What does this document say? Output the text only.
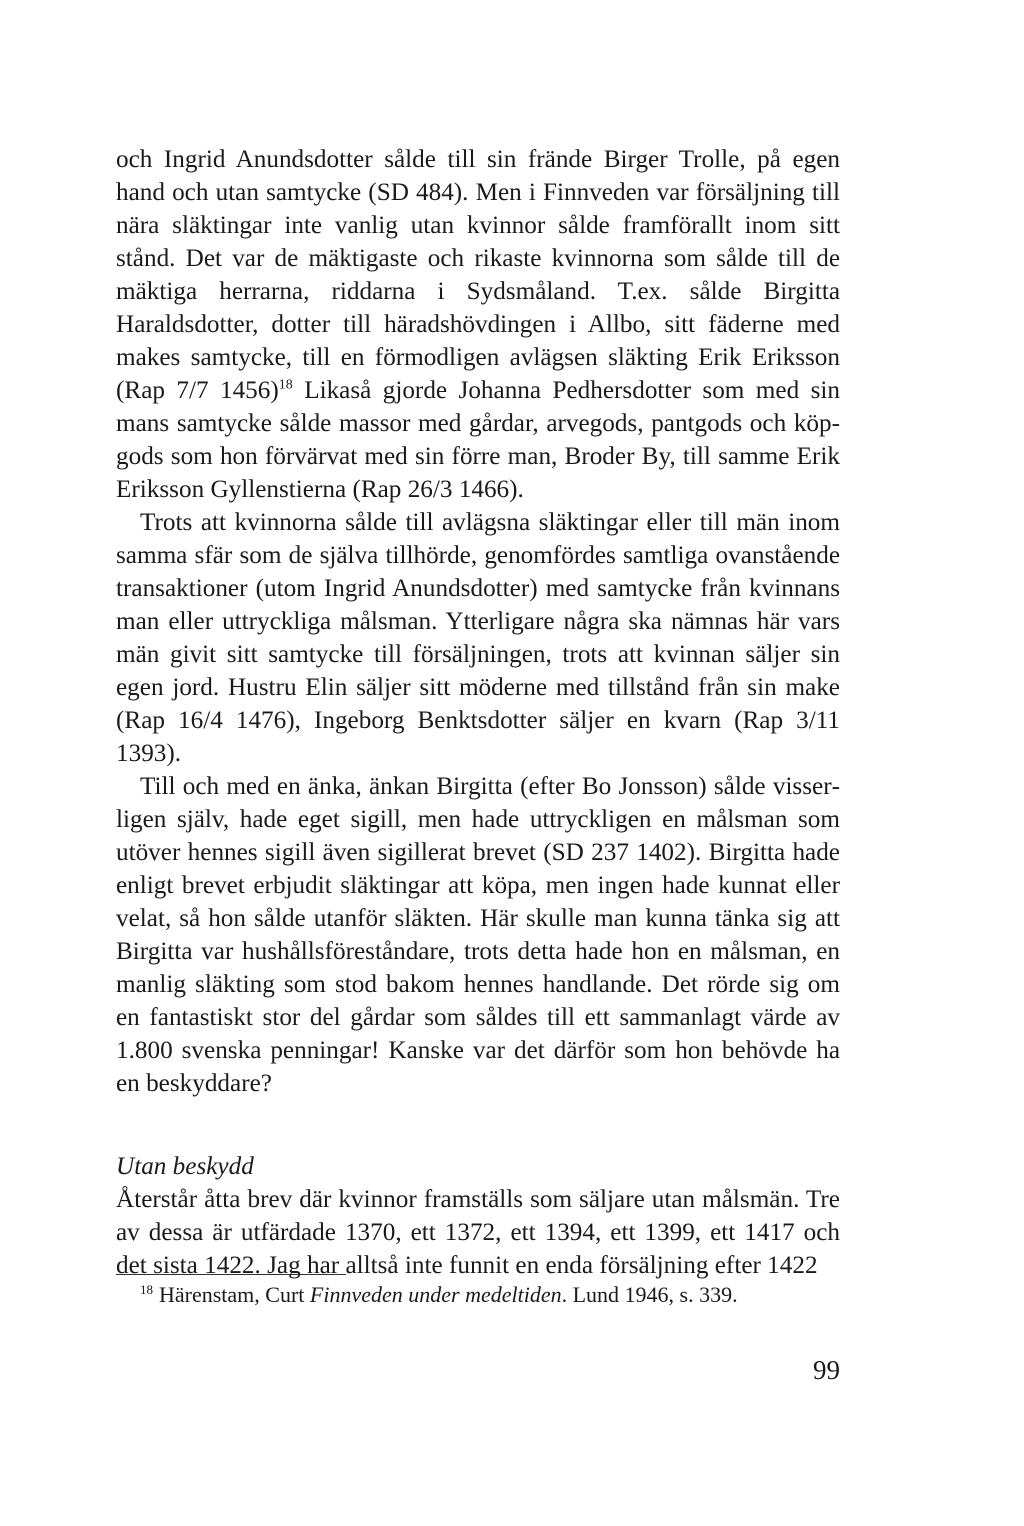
och Ingrid Anundsdotter sålde till sin frände Birger Trolle, på egen hand och utan samtycke (SD 484). Men i Finnveden var försäljning till nära släktingar inte vanlig utan kvinnor sålde framförallt inom sitt stånd. Det var de mäktigaste och rikaste kvinnorna som sålde till de mäktiga herrarna, riddarna i Sydsmåland. T.ex. sålde Birgitta Haraldsdotter, dotter till häradshövdingen i Allbo, sitt fäderne med makes samtycke, till en förmodligen avlägsen släkting Erik Eriksson (Rap 7/7 1456)$^{18}$ Likaså gjorde Johanna Pedhersdotter som med sin mans samtycke sålde massor med gårdar, arvegods, pantgods och köpgods som hon förvärvat med sin förre man, Broder By, till samme Erik Eriksson Gyllenstierna (Rap 26/3 1466).

Trots att kvinnorna sålde till avlägsna släktingar eller till män inom samma sfär som de själva tillhörde, genomfördes samtliga ovanstående transaktioner (utom Ingrid Anundsdotter) med samtycke från kvinnans man eller uttryckliga målsman. Ytterligare några ska nämnas här vars män givit sitt samtycke till försäljningen, trots att kvinnan säljer sin egen jord. Hustru Elin säljer sitt möderne med tillstånd från sin make (Rap 16/4 1476), Ingeborg Benktsdotter säljer en kvarn (Rap 3/11 1393).

Till och med en änka, änkan Birgitta (efter Bo Jonsson) sålde visserligen själv, hade eget sigill, men hade uttryckligen en målsman som utöver hennes sigill även sigillerat brevet (SD 237 1402). Birgitta hade enligt brevet erbjudit släktingar att köpa, men ingen hade kunnat eller velat, så hon sålde utanför släkten. Här skulle man kunna tänka sig att Birgitta var hushållsföreståndare, trots detta hade hon en målsman, en manlig släkting som stod bakom hennes handlande. Det rörde sig om en fantastiskt stor del gårdar som såldes till ett sammanlagt värde av 1.800 svenska penningar! Kanske var det därför som hon behövde ha en beskyddare?

Utan beskydd

Återstår åtta brev där kvinnor framställs som säljare utan målsmän. Tre av dessa är utfärdade 1370, ett 1372, ett 1394, ett 1399, ett 1417 och det sista 1422. Jag har alltså inte funnit en enda försäljning efter 1422

$^{18}$ Härenstam, Curt Finnveden under medeltiden. Lund 1946, s. 339.

99
